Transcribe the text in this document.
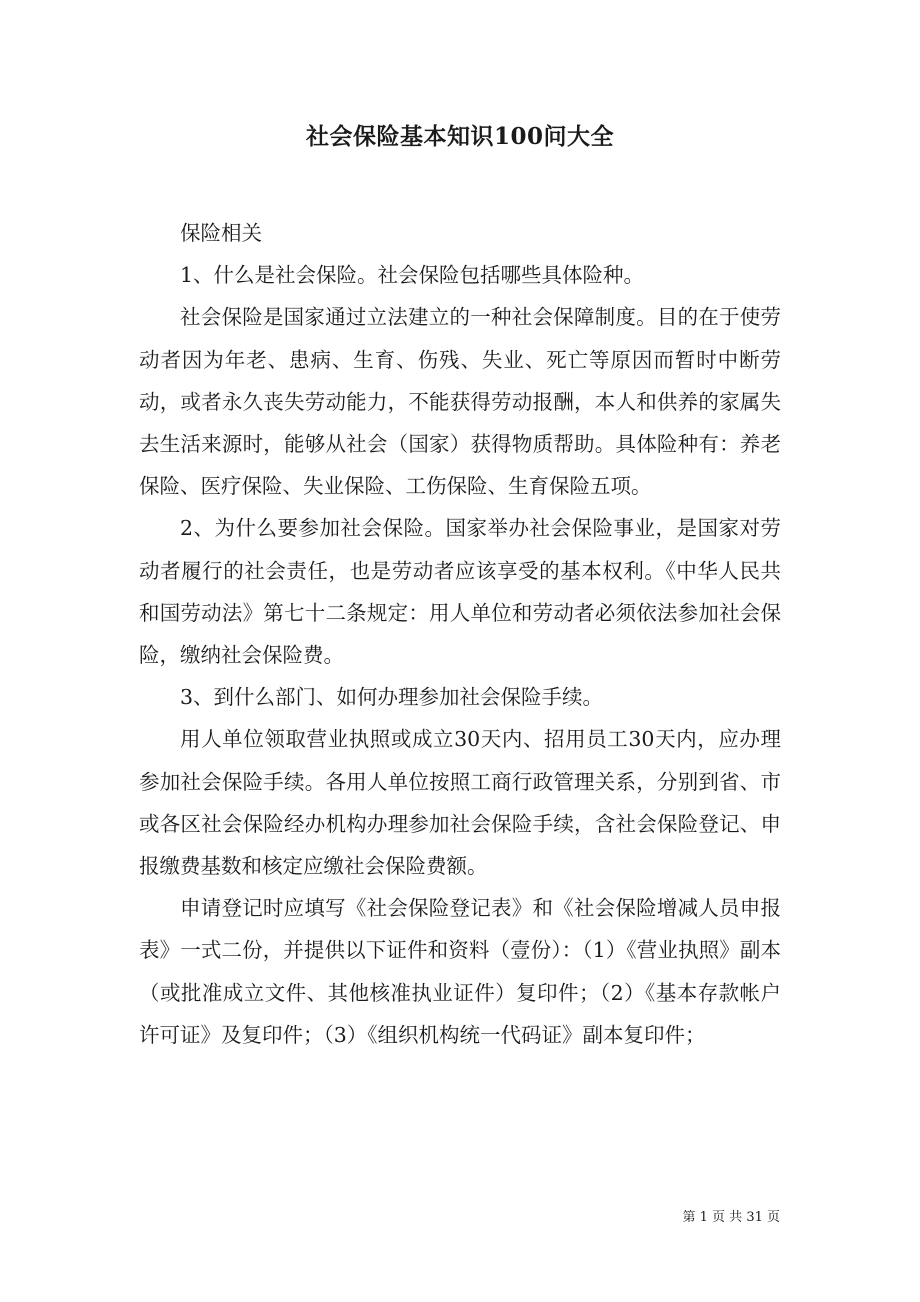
社会保险基本知识100问大全

保险相关

1、什么是社会保险。社会保险包括哪些具体险种。

社会保险是国家通过立法建立的一种社会保障制度。目的在于使劳动者因为年老、患病、生育、伤残、失业、死亡等原因而暂时中断劳动，或者永久丧失劳动能力，不能获得劳动报酬，本人和供养的家属失去生活来源时，能够从社会（国家）获得物质帮助。具体险种有：养老保险、医疗保险、失业保险、工伤保险、生育保险五项。

2、为什么要参加社会保险。国家举办社会保险事业，是国家对劳动者履行的社会责任，也是劳动者应该享受的基本权利。《中华人民共和国劳动法》第七十二条规定：用人单位和劳动者必须依法参加社会保险，缴纳社会保险费。

3、到什么部门、如何办理参加社会保险手续。

用人单位领取营业执照或成立30天内、招用员工30天内，应办理参加社会保险手续。各用人单位按照工商行政管理关系，分别到省、市或各区社会保险经办机构办理参加社会保险手续，含社会保险登记、申报缴费基数和核定应缴社会保险费额。

申请登记时应填写《社会保险登记表》和《社会保险增减人员申报表》一式二份，并提供以下证件和资料（壹份）：（1）《营业执照》副本（或批准成立文件、其他核准执业证件）复印件；（2）《基本存款帐户许可证》及复印件；（3）《组织机构统一代码证》副本复印件；

第 1 页 共 31 页
